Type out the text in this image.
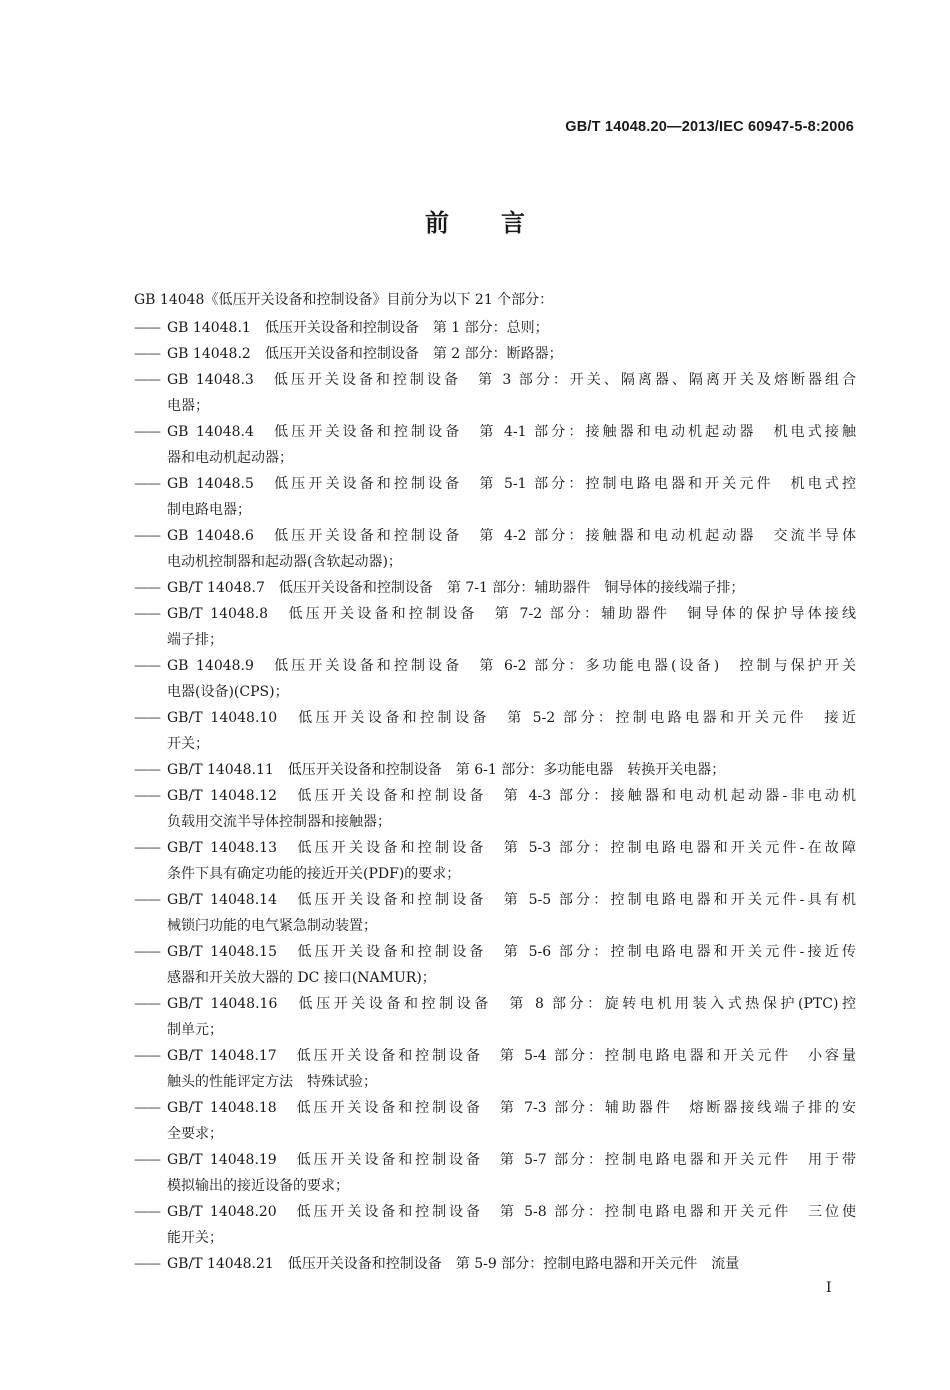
GB/T 14048.20—2013/IEC 60947-5-8:2006
前言
GB 14048《低压开关设备和控制设备》目前分为以下 21 个部分：
—— GB 14048.1　低压开关设备和控制设备　第 1 部分：总则；
—— GB 14048.2　低压开关设备和控制设备　第 2 部分：断路器；
—— GB 14048.3　低压开关设备和控制设备　第 3 部分：开关、隔离器、隔离开关及熔断器组合
电器；
—— GB 14048.4　低压开关设备和控制设备　第 4-1 部分：接触器和电动机起动器　机电式接触
器和电动机起动器；
—— GB 14048.5　低压开关设备和控制设备　第 5-1 部分：控制电路电器和开关元件　机电式控
制电路电器；
—— GB 14048.6　低压开关设备和控制设备　第 4-2 部分：接触器和电动机起动器　交流半导体
电动机控制器和起动器(含软起动器)；
—— GB/T 14048.7　低压开关设备和控制设备　第 7-1 部分：辅助器件　铜导体的接线端子排；
—— GB/T 14048.8　低压开关设备和控制设备　第 7-2 部分：辅助器件　铜导体的保护导体接线
端子排；
—— GB 14048.9　低压开关设备和控制设备　第 6-2 部分：多功能电器(设备)　控制与保护开关
电器(设备)(CPS)；
—— GB/T 14048.10　低压开关设备和控制设备　第 5-2 部分：控制电路电器和开关元件　接近
开关；
—— GB/T 14048.11　低压开关设备和控制设备　第 6-1 部分：多功能电器　转换开关电器；
—— GB/T 14048.12　低压开关设备和控制设备　第 4-3 部分：接触器和电动机起动器-非电动机
负载用交流半导体控制器和接触器；
—— GB/T 14048.13　低压开关设备和控制设备　第 5-3 部分：控制电路电器和开关元件-在故障
条件下具有确定功能的接近开关(PDF)的要求；
—— GB/T 14048.14　低压开关设备和控制设备　第 5-5 部分：控制电路电器和开关元件-具有机
械锁闩功能的电气紧急制动装置；
—— GB/T 14048.15　低压开关设备和控制设备　第 5-6 部分：控制电路电器和开关元件-接近传
感器和开关放大器的 DC 接口(NAMUR)；
—— GB/T 14048.16　低压开关设备和控制设备　第 8 部分：旋转电机用装入式热保护(PTC)控
制单元；
—— GB/T 14048.17　低压开关设备和控制设备　第 5-4 部分：控制电路电器和开关元件　小容量
触头的性能评定方法　特殊试验；
—— GB/T 14048.18　低压开关设备和控制设备　第 7-3 部分：辅助器件　熔断器接线端子排的安
全要求；
—— GB/T 14048.19　低压开关设备和控制设备　第 5-7 部分：控制电路电器和开关元件　用于带
模拟输出的接近设备的要求；
—— GB/T 14048.20　低压开关设备和控制设备　第 5-8 部分：控制电路电器和开关元件　三位使
能开关；
—— GB/T 14048.21　低压开关设备和控制设备　第 5-9 部分：控制电路电器和开关元件　流量
I
